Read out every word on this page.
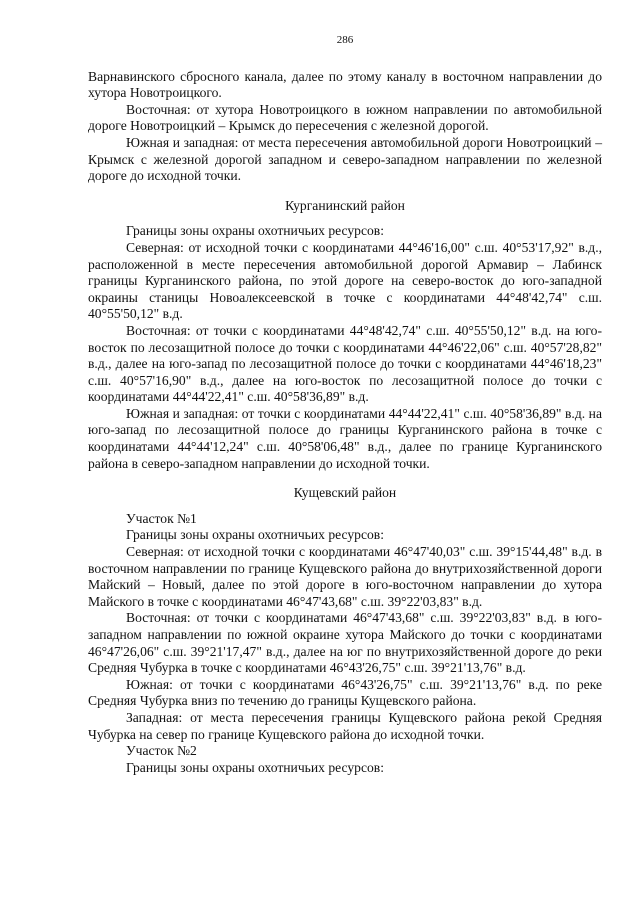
286

Варнавинского сбросного канала, далее по этому каналу в восточном направлении до хутора Новотроицкого.

Восточная: от хутора Новотроицкого в южном направлении по автомобильной дороге Новотроицкий – Крымск до пересечения с железной дорогой.

Южная и западная: от места пересечения автомобильной дороги Новотроицкий – Крымск с железной дорогой западном и северо-западном направлении по железной дороге до исходной точки.

Курганинский район

Границы зоны охраны охотничьих ресурсов:

Северная: от исходной точки с координатами 44°46'16,00" с.ш. 40°53'17,92" в.д., расположенной в месте пересечения автомобильной дорогой Армавир – Лабинск границы Курганинского района, по этой дороге на северо-восток до юго-западной окраины станицы Новоалексеевской в точке с координатами 44°48'42,74" с.ш. 40°55'50,12" в.д.

Восточная: от точки с координатами 44°48'42,74" с.ш. 40°55'50,12" в.д. на юго-восток по лесозащитной полосе до точки с координатами 44°46'22,06" с.ш. 40°57'28,82" в.д., далее на юго-запад по лесозащитной полосе до точки с координатами 44°46'18,23" с.ш. 40°57'16,90" в.д., далее на юго-восток по лесозащитной полосе до точки с координатами 44°44'22,41" с.ш. 40°58'36,89" в.д.

Южная и западная: от точки с координатами 44°44'22,41" с.ш. 40°58'36,89" в.д. на юго-запад по лесозащитной полосе до границы Курганинского района в точке с координатами 44°44'12,24" с.ш. 40°58'06,48" в.д., далее по границе Курганинского района в северо-западном направлении до исходной точки.

Кущевский район

Участок №1

Границы зоны охраны охотничьих ресурсов:

Северная: от исходной точки с координатами 46°47'40,03" с.ш. 39°15'44,48" в.д. в восточном направлении по границе Кущевского района до внутрихозяйственной дороги Майский – Новый, далее по этой дороге в юго-восточном направлении до хутора Майского в точке с координатами 46°47'43,68" с.ш. 39°22'03,83" в.д.

Восточная: от точки с координатами 46°47'43,68" с.ш. 39°22'03,83" в.д. в юго-западном направлении по южной окраине хутора Майского до точки с координатами 46°47'26,06" с.ш. 39°21'17,47" в.д., далее на юг по внутрихозяйственной дороге до реки Средняя Чубурка в точке с координатами 46°43'26,75" с.ш. 39°21'13,76" в.д.

Южная: от точки с координатами 46°43'26,75" с.ш. 39°21'13,76" в.д. по реке Средняя Чубурка вниз по течению до границы Кущевского района.

Западная: от места пересечения границы Кущевского района рекой Средняя Чубурка на север по границе Кущевского района до исходной точки.

Участок №2

Границы зоны охраны охотничьих ресурсов:
